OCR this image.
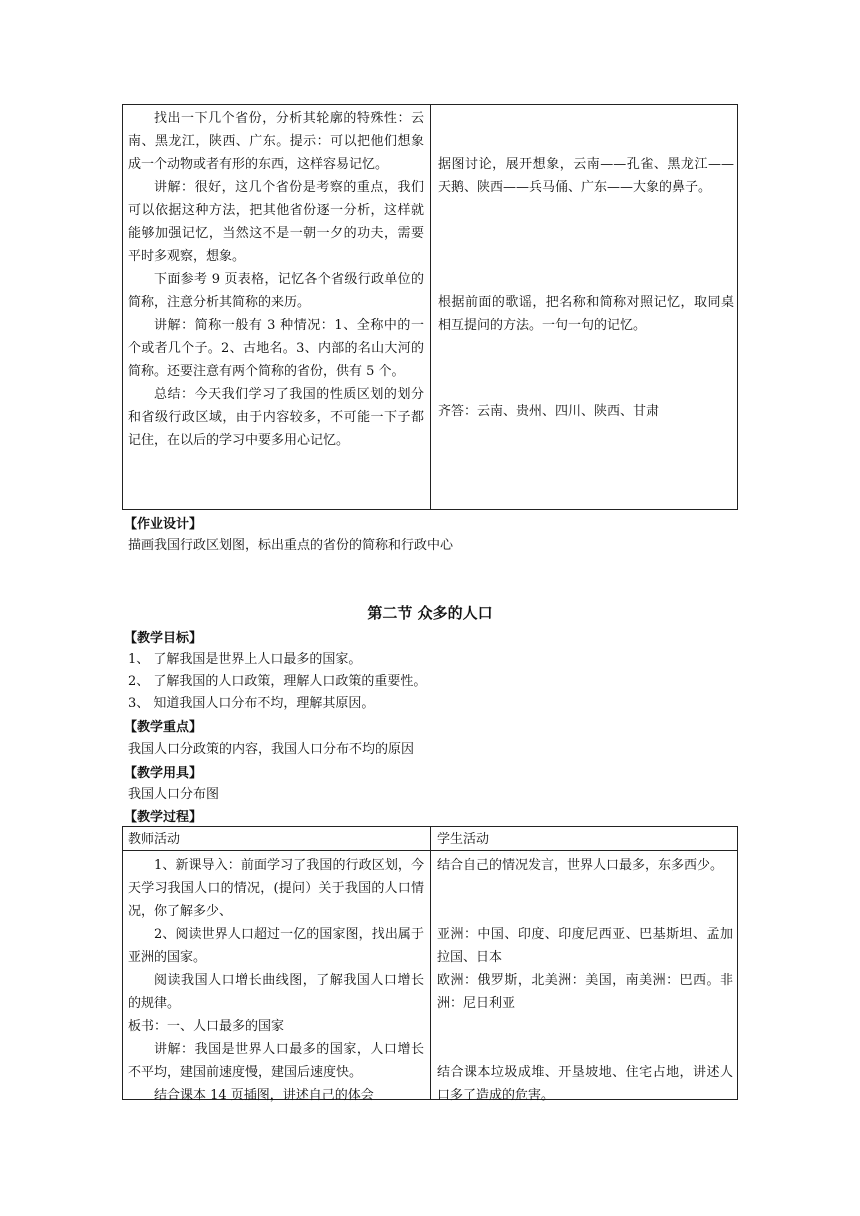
找出一下几个省份，分析其轮廓的特殊性：云南、黑龙江，陕西、广东。提示：可以把他们想象成一个动物或者有形的东西，这样容易记忆。

讲解：很好，这几个省份是考察的重点，我们可以依据这种方法，把其他省份逐一分析，这样就能够加强记忆，当然这不是一朝一夕的功夫，需要平时多观察，想象。

下面参考 9 页表格，记忆各个省级行政单位的简称，注意分析其简称的来历。

讲解：简称一般有 3 种情况：1、全称中的一个或者几个子。2、古地名。3、内部的名山大河的简称。还要注意有两个简称的省份，供有 5 个。

总结：今天我们学习了我国的性质区划的划分和省级行政区域，由于内容较多，不可能一下子都记住，在以后的学习中要多用心记忆。

据图讨论，展开想象，云南——孔雀、黑龙江——天鹅、陕西——兵马俑、广东——大象的鼻子。

根据前面的歌谣，把名称和简称对照记忆，取同桌相互提问的方法。一句一句的记忆。

齐答：云南、贵州、四川、陕西、甘肃

【作业设计】
描画我国行政区划图，标出重点的省份的简称和行政中心
第二节 众多的人口
【教学目标】
1、 了解我国是世界上人口最多的国家。
2、 了解我国的人口政策，理解人口政策的重要性。
3、 知道我国人口分布不均，理解其原因。
【教学重点】
我国人口分政策的内容，我国人口分布不均的原因
【教学用具】
我国人口分布图
【教学过程】
教师活动	学生活动

1、新课导入：前面学习了我国的行政区划，今天学习我国人口的情况，(提问）关于我国的人口情况，你了解多少、

2、阅读世界人口超过一亿的国家图，找出属于亚洲的国家。

阅读我国人口增长曲线图，了解我国人口增长的规律。

板书：一、人口最多的国家

讲解：我国是世界人口最多的国家，人口增长不平均，建国前速度慢，建国后速度快。

结合课本 14 页插图，讲述自己的体会

结合自己的情况发言，世界人口最多，东多西少。

亚洲：中国、印度、印度尼西亚、巴基斯坦、孟加拉国、日本

欧洲：俄罗斯，北美洲：美国，南美洲：巴西。非洲：尼日利亚

结合课本垃圾成堆、开垦坡地、住宅占地，讲述人口多了造成的危害。
